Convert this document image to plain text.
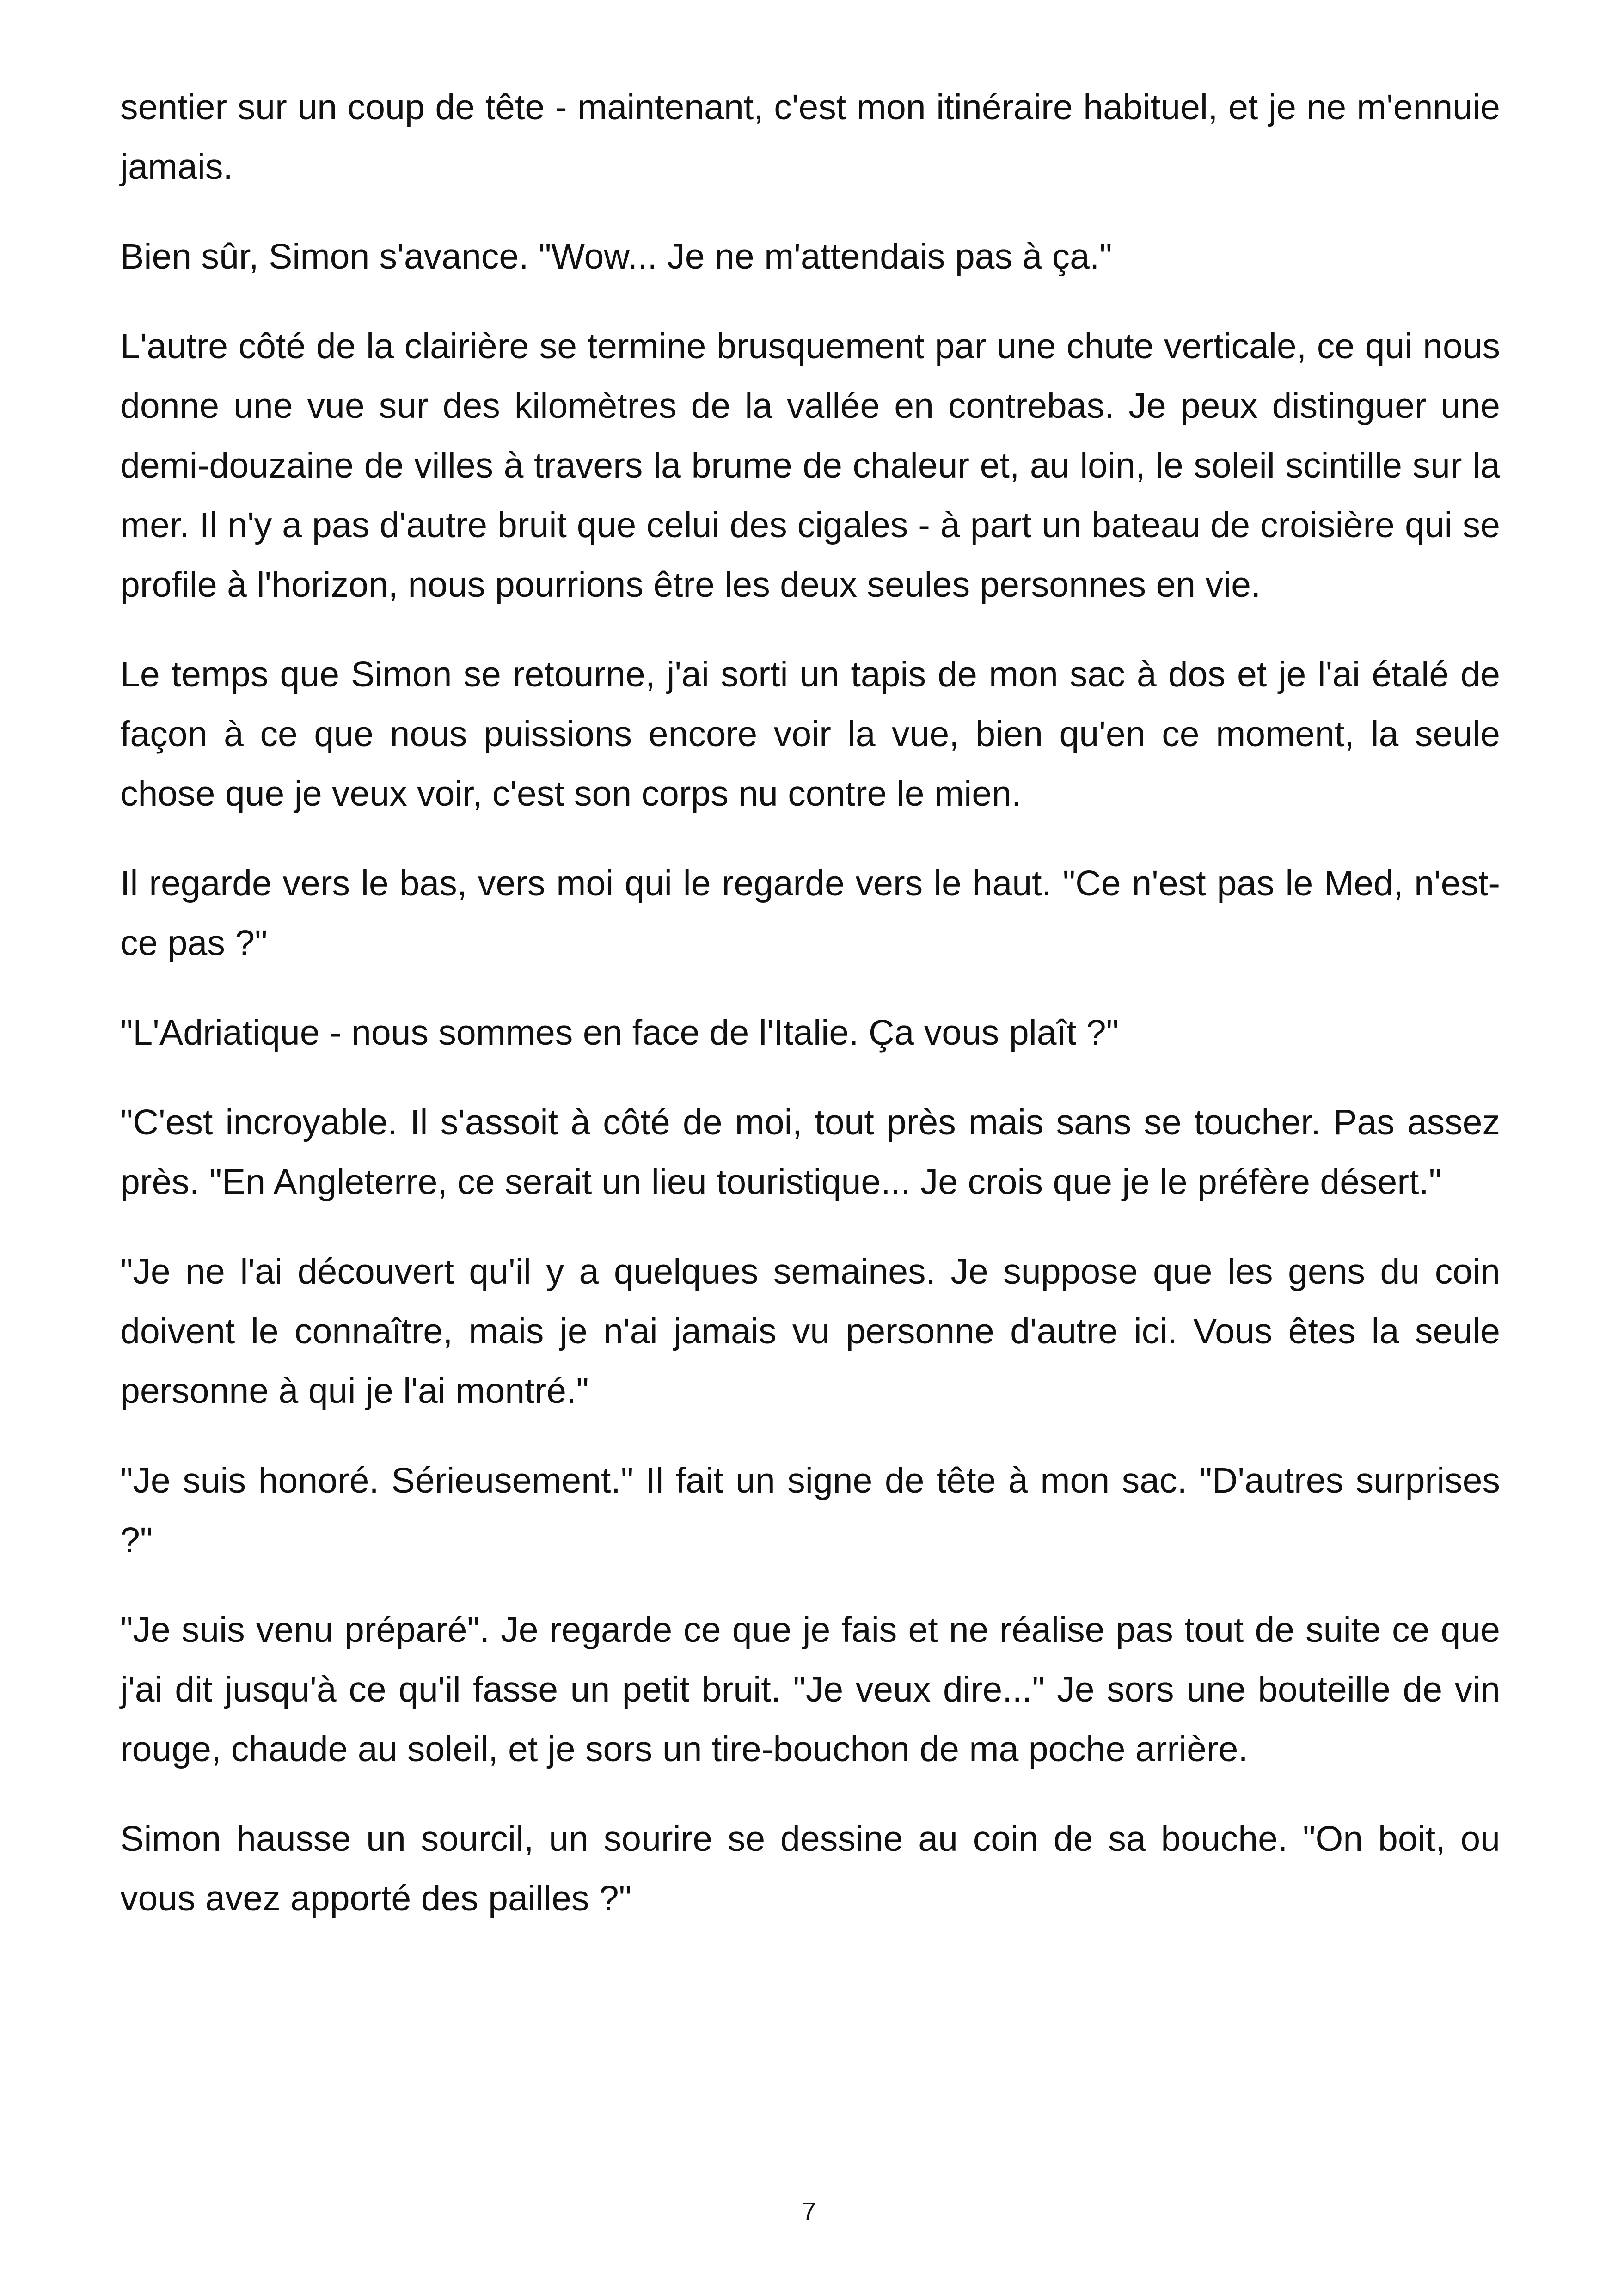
sentier sur un coup de tête - maintenant, c'est mon itinéraire habituel, et je ne m'ennuie jamais.

Bien sûr, Simon s'avance. "Wow... Je ne m'attendais pas à ça."

L'autre côté de la clairière se termine brusquement par une chute verticale, ce qui nous donne une vue sur des kilomètres de la vallée en contrebas. Je peux distinguer une demi-douzaine de villes à travers la brume de chaleur et, au loin, le soleil scintille sur la mer. Il n'y a pas d'autre bruit que celui des cigales - à part un bateau de croisière qui se profile à l'horizon, nous pourrions être les deux seules personnes en vie.

Le temps que Simon se retourne, j'ai sorti un tapis de mon sac à dos et je l'ai étalé de façon à ce que nous puissions encore voir la vue, bien qu'en ce moment, la seule chose que je veux voir, c'est son corps nu contre le mien.

Il regarde vers le bas, vers moi qui le regarde vers le haut. "Ce n'est pas le Med, n'est-ce pas ?"

"L'Adriatique - nous sommes en face de l'Italie. Ça vous plaît ?"

"C'est incroyable. Il s'assoit à côté de moi, tout près mais sans se toucher. Pas assez près. "En Angleterre, ce serait un lieu touristique... Je crois que je le préfère désert."

"Je ne l'ai découvert qu'il y a quelques semaines. Je suppose que les gens du coin doivent le connaître, mais je n'ai jamais vu personne d'autre ici. Vous êtes la seule personne à qui je l'ai montré."

"Je suis honoré. Sérieusement." Il fait un signe de tête à mon sac. "D'autres surprises ?"

"Je suis venu préparé". Je regarde ce que je fais et ne réalise pas tout de suite ce que j'ai dit jusqu'à ce qu'il fasse un petit bruit. "Je veux dire..." Je sors une bouteille de vin rouge, chaude au soleil, et je sors un tire-bouchon de ma poche arrière.

Simon hausse un sourcil, un sourire se dessine au coin de sa bouche. "On boit, ou vous avez apporté des pailles ?"

7
